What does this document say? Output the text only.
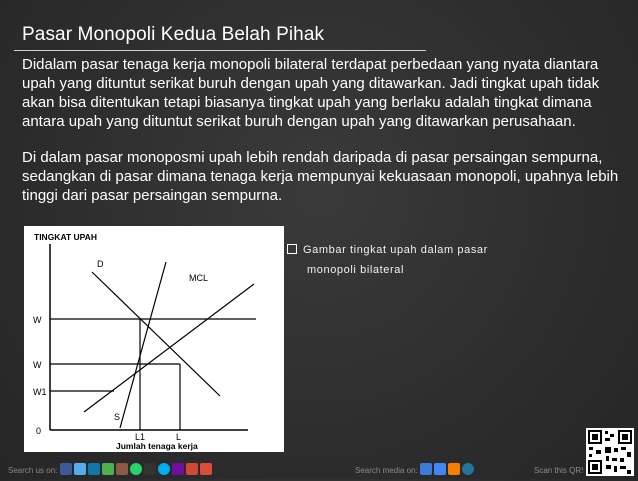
Pasar Monopoli Kedua Belah Pihak
Didalam pasar tenaga kerja monopoli bilateral terdapat perbedaan yang nyata diantara upah yang dituntut serikat buruh dengan upah yang ditawarkan. Jadi tingkat upah tidak akan bisa ditentukan tetapi biasanya tingkat upah yang berlaku adalah tingkat dimana antara upah yang dituntut serikat buruh dengan upah yang ditawarkan perusahaan.
Di dalam pasar monoposmi upah lebih rendah daripada di pasar persaingan sempurna, sedangkan di pasar dimana tenaga kerja mempunyai kekuasaan monopoli, upahnya lebih tinggi dari pasar persaingan sempurna.
TINGKAT UPAH
D
MCL
S
W
W
W1
0
L1	L
Jumlah tenaga kerja
Gambar tingkat upah dalam pasar
monopoli bilateral
Search us on:	Search media on:	Scan this QR!
